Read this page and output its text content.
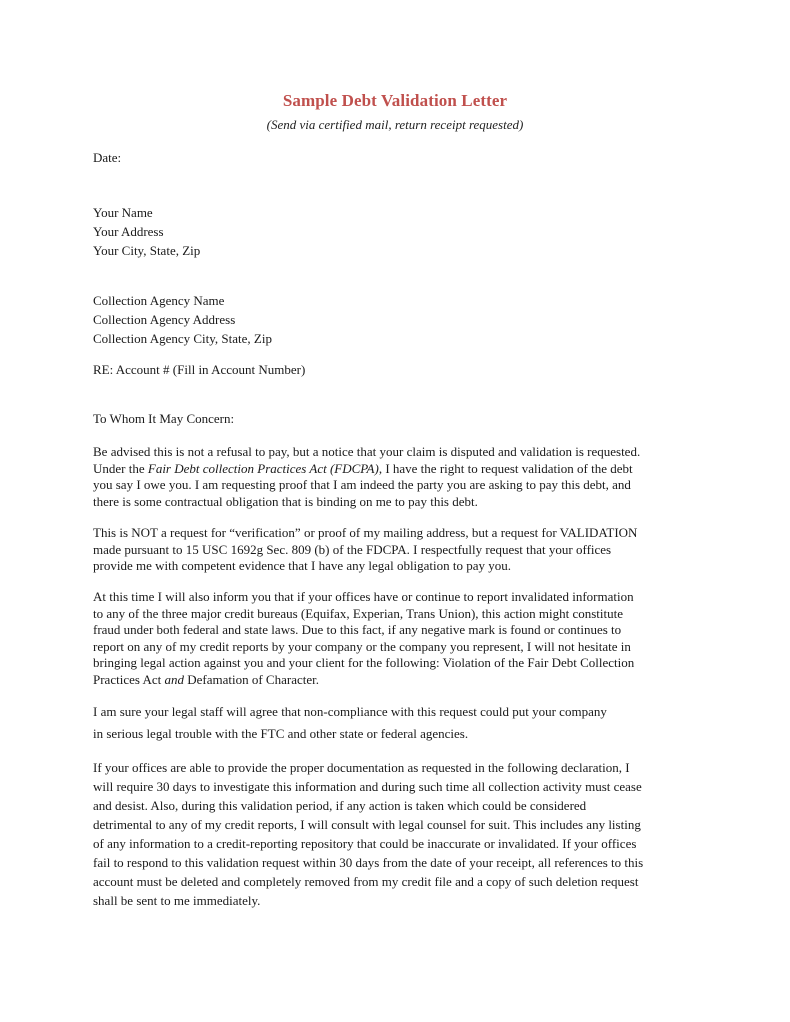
Sample Debt Validation Letter
(Send via certified mail, return receipt requested)
Date:
Your Name
Your Address
Your City, State, Zip
Collection Agency Name
Collection Agency Address
Collection Agency City, State, Zip
RE: Account # (Fill in Account Number)
To Whom It May Concern:
Be advised this is not a refusal to pay, but a notice that your claim is disputed and validation is requested.
Under the Fair Debt collection Practices Act (FDCPA), I have the right to request validation of the debt
you say I owe you. I am requesting proof that I am indeed the party you are asking to pay this debt, and
there is some contractual obligation that is binding on me to pay this debt.
This is NOT a request for “verification” or proof of my mailing address, but a request for VALIDATION
made pursuant to 15 USC 1692g Sec. 809 (b) of the FDCPA. I respectfully request that your offices
provide me with competent evidence that I have any legal obligation to pay you.
At this time I will also inform you that if your offices have or continue to report invalidated information
to any of the three major credit bureaus (Equifax, Experian, Trans Union), this action might constitute
fraud under both federal and state laws. Due to this fact, if any negative mark is found or continues to
report on any of my credit reports by your company or the company you represent, I will not hesitate in
bringing legal action against you and your client for the following: Violation of the Fair Debt Collection
Practices Act and Defamation of Character.
I am sure your legal staff will agree that non-compliance with this request could put your company
in serious legal trouble with the FTC and other state or federal agencies.
If your offices are able to provide the proper documentation as requested in the following declaration, I
will require 30 days to investigate this information and during such time all collection activity must cease
and desist. Also, during this validation period, if any action is taken which could be considered
detrimental to any of my credit reports, I will consult with legal counsel for suit. This includes any listing
of any information to a credit-reporting repository that could be inaccurate or invalidated. If your offices
fail to respond to this validation request within 30 days from the date of your receipt, all references to this
account must be deleted and completely removed from my credit file and a copy of such deletion request
shall be sent to me immediately.
